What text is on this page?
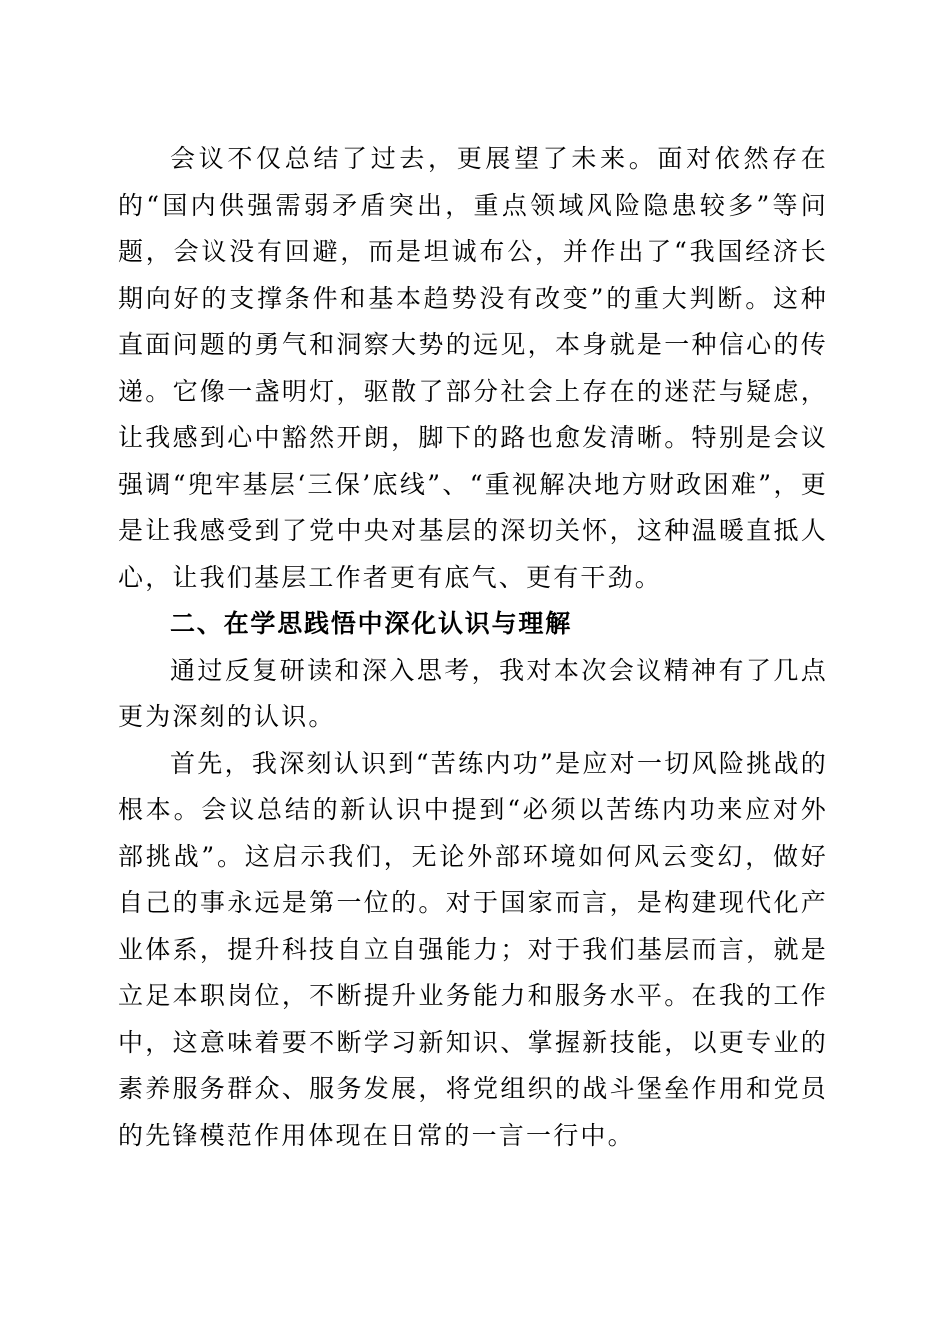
会议不仅总结了过去，更展望了未来。面对依然存在的“国内供强需弱矛盾突出，重点领域风险隐患较多”等问题，会议没有回避，而是坦诚布公，并作出了“我国经济长期向好的支撑条件和基本趋势没有改变”的重大判断。这种直面问题的勇气和洞察大势的远见，本身就是一种信心的传递。它像一盏明灯，驱散了部分社会上存在的迷茫与疑虑，让我感到心中豁然开朗，脚下的路也愈发清晰。特别是会议强调“兜牢基层‘三保’底线”、“重视解决地方财政困难”，更是让我感受到了党中央对基层的深切关怀，这种温暖直抵人心，让我们基层工作者更有底气、更有干劲。

二、在学思践悟中深化认识与理解

通过反复研读和深入思考，我对本次会议精神有了几点更为深刻的认识。

首先，我深刻认识到“苦练内功”是应对一切风险挑战的根本。会议总结的新认识中提到“必须以苦练内功来应对外部挑战”。这启示我们，无论外部环境如何风云变幻，做好自己的事永远是第一位的。对于国家而言，是构建现代化产业体系，提升科技自立自强能力；对于我们基层而言，就是立足本职岗位，不断提升业务能力和服务水平。在我的工作中，这意味着要不断学习新知识、掌握新技能，以更专业的素养服务群众、服务发展，将党组织的战斗堡垒作用和党员的先锋模范作用体现在日常的一言一行中。
